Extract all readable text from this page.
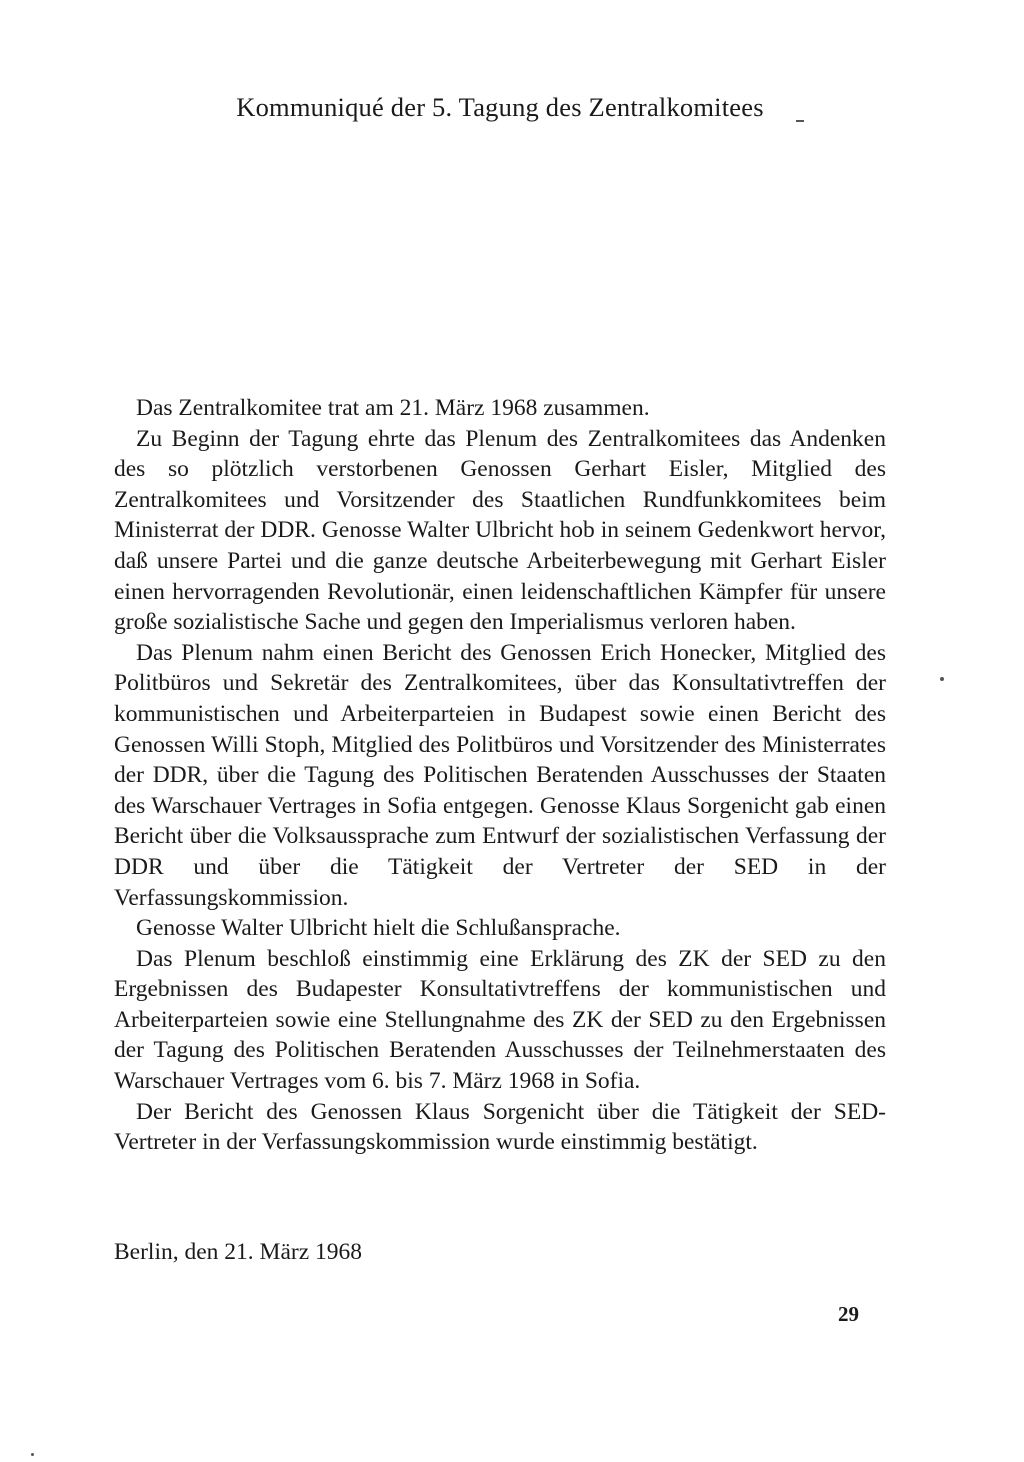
Kommuniqué der 5. Tagung des Zentralkomitees

Das Zentralkomitee trat am 21. März 1968 zusammen.

Zu Beginn der Tagung ehrte das Plenum des Zentralkomitees das Andenken des so plötzlich verstorbenen Genossen Gerhart Eisler, Mitglied des Zentralkomitees und Vorsitzender des Staatlichen Rundfunkkomitees beim Ministerrat der DDR. Genosse Walter Ulbricht hob in seinem Gedenkwort hervor, daß unsere Partei und die ganze deutsche Arbeiterbewegung mit Gerhart Eisler einen hervorragenden Revolutionär, einen leidenschaftlichen Kämpfer für unsere große sozialistische Sache und gegen den Imperialismus verloren haben.

Das Plenum nahm einen Bericht des Genossen Erich Honecker, Mitglied des Politbüros und Sekretär des Zentralkomitees, über das Konsultativtreffen der kommunistischen und Arbeiterparteien in Budapest sowie einen Bericht des Genossen Willi Stoph, Mitglied des Politbüros und Vorsitzender des Ministerrates der DDR, über die Tagung des Politischen Beratenden Ausschusses der Staaten des Warschauer Vertrages in Sofia entgegen. Genosse Klaus Sorgenicht gab einen Bericht über die Volksaussprache zum Entwurf der sozialistischen Verfassung der DDR und über die Tätigkeit der Vertreter der SED in der Verfassungskommission.

Genosse Walter Ulbricht hielt die Schlußansprache.

Das Plenum beschloß einstimmig eine Erklärung des ZK der SED zu den Ergebnissen des Budapester Konsultativtreffens der kommunistischen und Arbeiterparteien sowie eine Stellungnahme des ZK der SED zu den Ergebnissen der Tagung des Politischen Beratenden Ausschusses der Teilnehmerstaaten des Warschauer Vertrages vom 6. bis 7. März 1968 in Sofia.

Der Bericht des Genossen Klaus Sorgenicht über die Tätigkeit der SED-Vertreter in der Verfassungskommission wurde einstimmig bestätigt.

Berlin, den 21. März 1968

29
